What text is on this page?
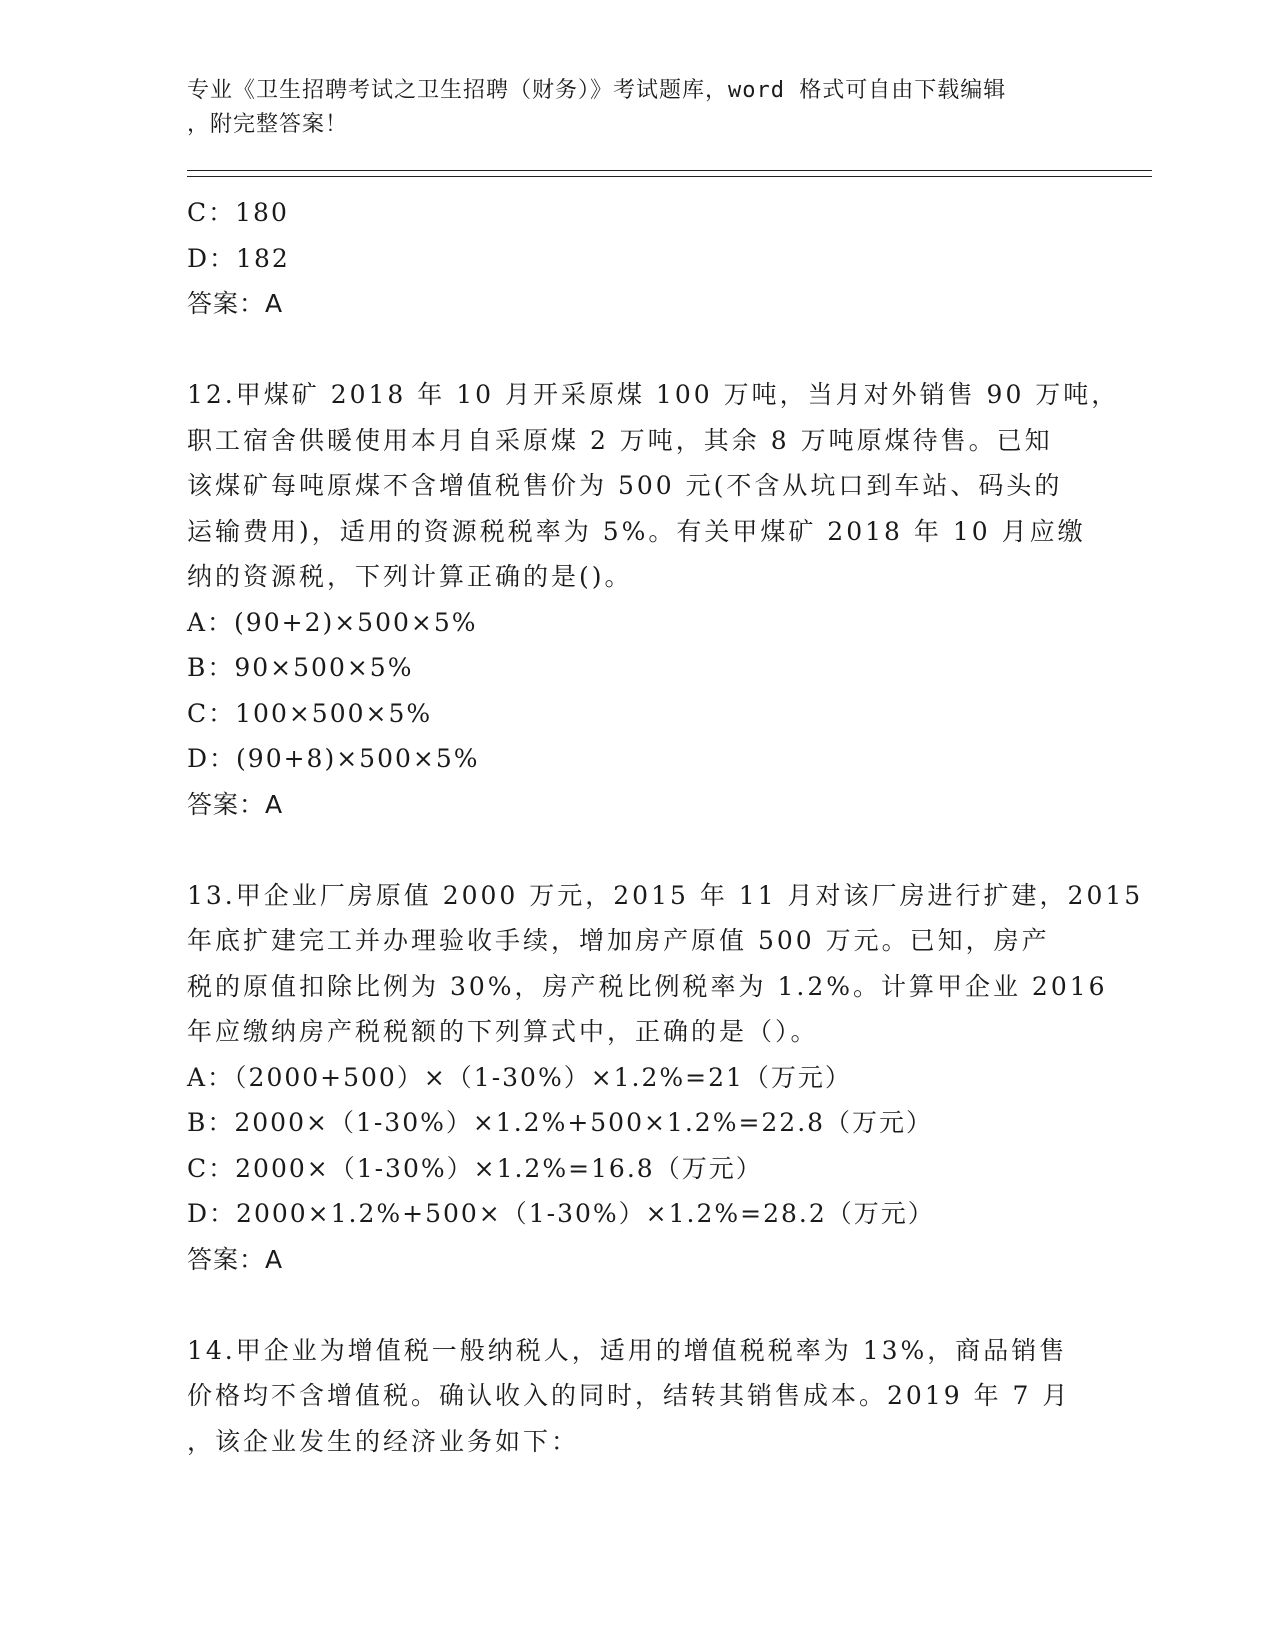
专业《卫生招聘考试之卫生招聘（财务）》考试题库，word 格式可自由下载编辑
，附完整答案！
C：180
D：182
答案：A
12.甲煤矿 2018 年 10 月开采原煤 100 万吨，当月对外销售 90 万吨，
职工宿舍供暖使用本月自采原煤 2 万吨，其余 8 万吨原煤待售。已知
该煤矿每吨原煤不含增值税售价为 500 元(不含从坑口到车站、码头的
运输费用)，适用的资源税税率为 5%。有关甲煤矿 2018 年 10 月应缴
纳的资源税，下列计算正确的是()。
A：(90+2)×500×5%
B：90×500×5%
C：100×500×5%
D：(90+8)×500×5%
答案：A
13.甲企业厂房原值 2000 万元，2015 年 11 月对该厂房进行扩建，2015
年底扩建完工并办理验收手续，增加房产原值 500 万元。已知，房产
税的原值扣除比例为 30%，房产税比例税率为 1.2%。计算甲企业 2016
年应缴纳房产税税额的下列算式中，正确的是（）。
A：（2000+500）×（1-30%）×1.2%=21（万元）
B：2000×（1-30%）×1.2%+500×1.2%=22.8（万元）
C：2000×（1-30%）×1.2%=16.8（万元）
D：2000×1.2%+500×（1-30%）×1.2%=28.2（万元）
答案：A
14.甲企业为增值税一般纳税人，适用的增值税税率为 13%，商品销售
价格均不含增值税。确认收入的同时，结转其销售成本。2019 年 7 月
，该企业发生的经济业务如下：
